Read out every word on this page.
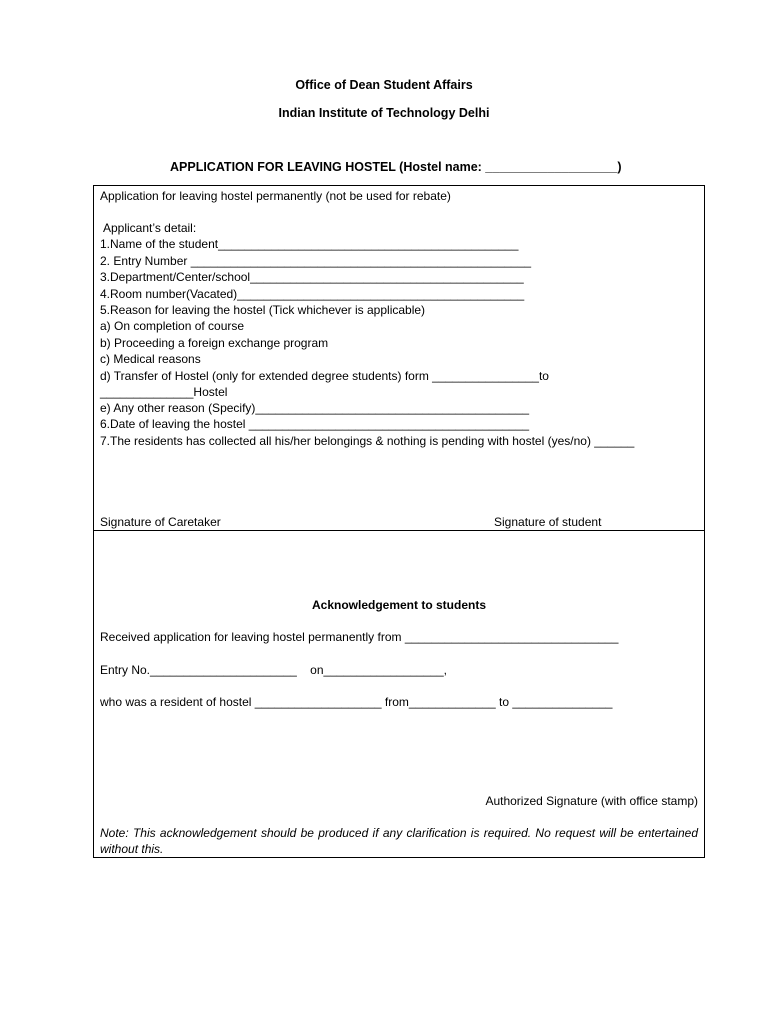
Office of Dean Student Affairs
Indian Institute of Technology Delhi
APPLICATION FOR LEAVING HOSTEL (Hostel name: ___________________)
Application for leaving hostel permanently (not be used for rebate)
Applicant’s detail:
1.Name of the student_____________________________________________
2. Entry Number ___________________________________________________
3.Department/Center/school_________________________________________
4.Room number(Vacated)___________________________________________
5.Reason for leaving the hostel (Tick whichever is applicable)
a) On completion of course
b) Proceeding a foreign exchange program
c) Medical reasons
d) Transfer of Hostel (only for extended degree students) form ________________to
______________Hostel
e) Any other reason (Specify)_________________________________________
6.Date of leaving the hostel __________________________________________
7.The residents has collected all his/her belongings & nothing is pending with hostel (yes/no) ______
Signature of Caretaker	Signature of student
Acknowledgement to students
Received application for leaving hostel permanently from ________________________________
Entry No.______________________    on__________________,
who was a resident of hostel ___________________ from_____________ to _______________
Authorized Signature (with office stamp)
Note: This acknowledgement should be produced if any clarification is required. No request will be entertained without this.
